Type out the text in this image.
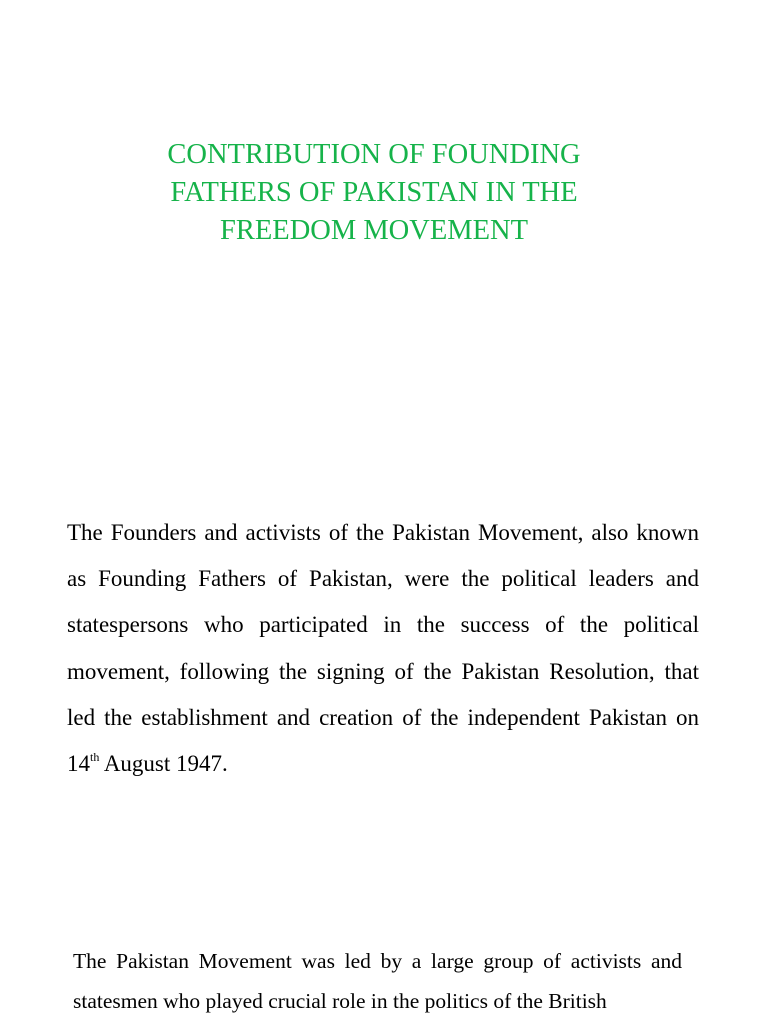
CONTRIBUTION OF FOUNDING FATHERS OF PAKISTAN IN THE FREEDOM MOVEMENT

The Founders and activists of the Pakistan Movement, also known as Founding Fathers of Pakistan, were the political leaders and statespersons who participated in the success of the political movement, following the signing of the Pakistan Resolution, that led the establishment and creation of the independent Pakistan on 14th August 1947.

The Pakistan Movement was led by a large group of activists and statesmen who played crucial role in the politics of the British
